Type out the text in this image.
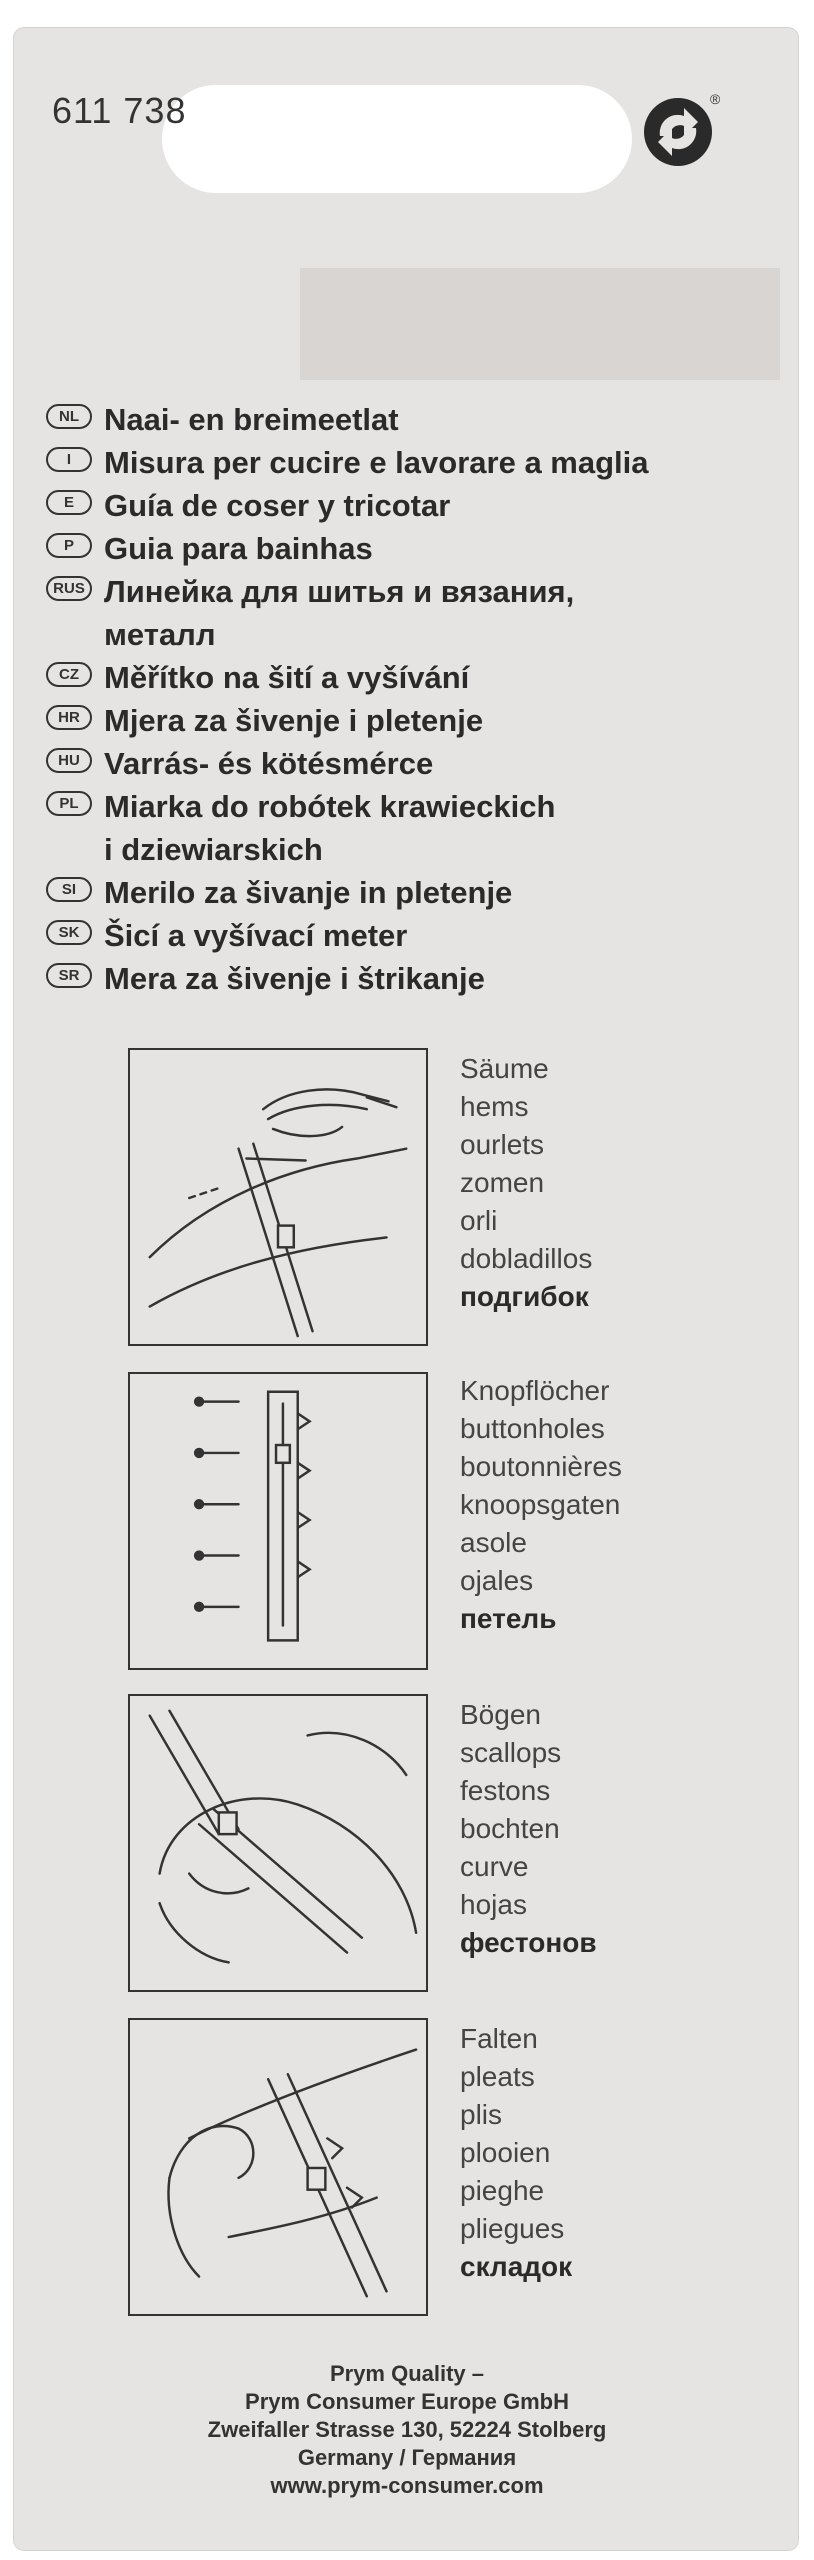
611 738	®
NL Naai- en breimeetlat
I	Misura per cucire e lavorare a maglia
E Guía de coser y tricotar
P Guia para bainhas
RUS Линейка для шитья и вязания,
металл
CZ Měřítko na šití a vyšívání
HR Mjera za šivenje i pletenje
HU Varrás- és kötésmérce
PL Miarka do robótek krawieckich
i dziewiarskich
SI Merilo za šivanje in pletenje
SK Šicí a vyšívací meter
SR Mera za šivenje i štrikanje
Säume
hems
ourlets
zomen
orli
dobladillos
подгибок
Knopflöcher
buttonholes
boutonnières
knoopsgaten
asole
ojales
петель
Bögen
scallops
festons
bochten
curve
hojas
фестонов
Falten
pleats
plis
plooien
pieghe
pliegues
складок
Prym Quality –
Prym Consumer Europe GmbH
Zweifaller Strasse 130, 52224 Stolberg
Germany / Германия
www.prym-consumer.com
